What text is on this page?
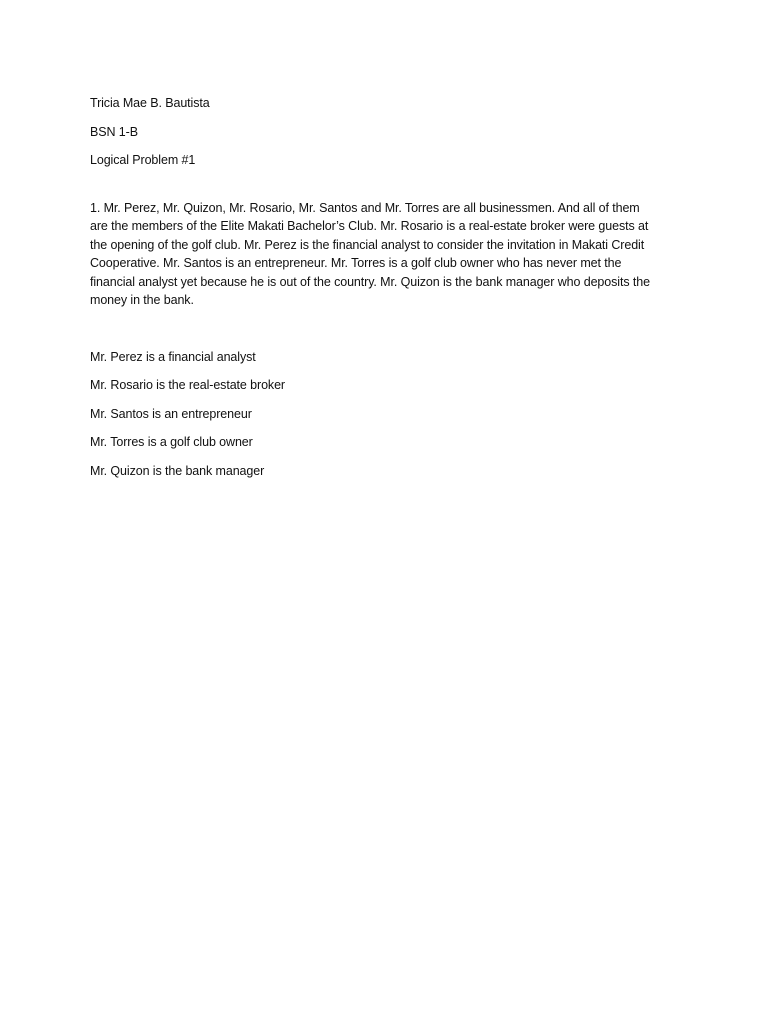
Tricia Mae B. Bautista
BSN 1-B
Logical Problem #1
1. Mr. Perez, Mr. Quizon, Mr. Rosario, Mr. Santos and Mr. Torres are all businessmen. And all of them
are the members of the Elite Makati Bachelor’s Club. Mr. Rosario is a real-estate broker were guests at
the opening of the golf club. Mr. Perez is the financial analyst to consider the invitation in Makati Credit
Cooperative. Mr. Santos is an entrepreneur. Mr. Torres is a golf club owner who has never met the
financial analyst yet because he is out of the country. Mr. Quizon is the bank manager who deposits the
money in the bank.
Mr. Perez is a financial analyst
Mr. Rosario is the real-estate broker
Mr. Santos is an entrepreneur
Mr. Torres is a golf club owner
Mr. Quizon is the bank manager
